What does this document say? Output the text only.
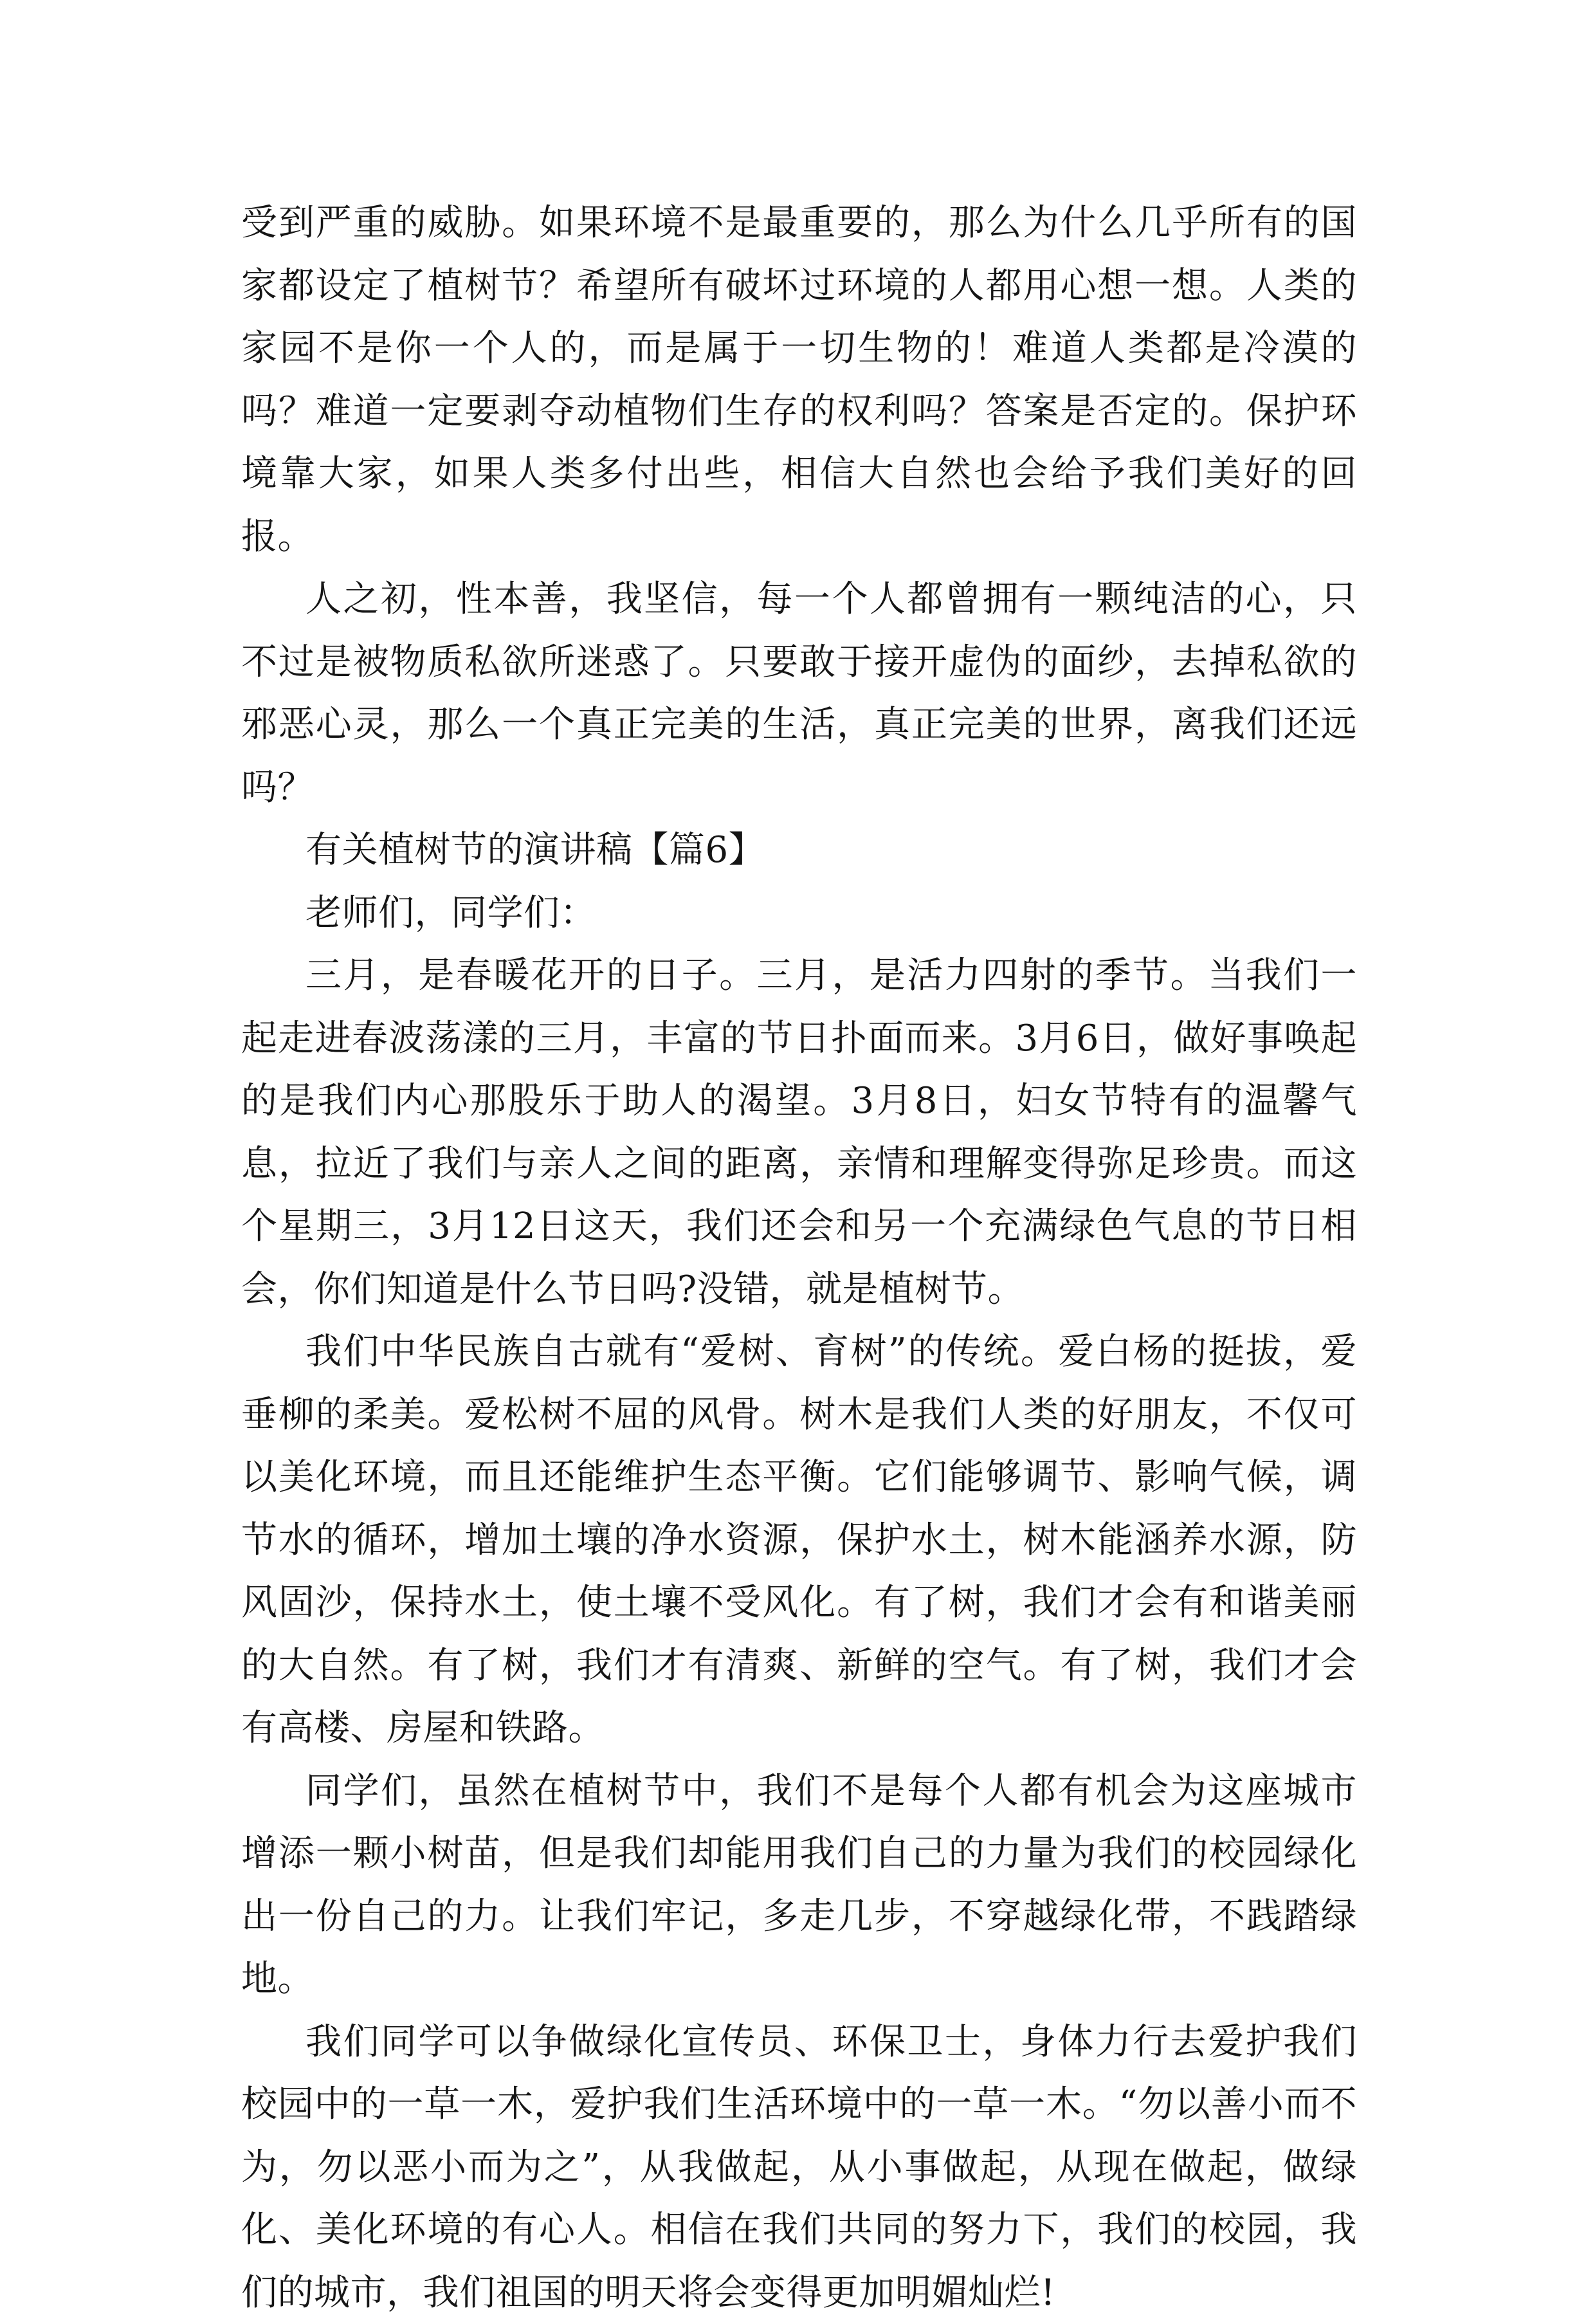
受到严重的威胁。如果环境不是最重要的，那么为什么几乎所有的国家都设定了植树节？希望所有破坏过环境的人都用心想一想。人类的家园不是你一个人的，而是属于一切生物的！难道人类都是冷漠的吗？难道一定要剥夺动植物们生存的权利吗？答案是否定的。保护环境靠大家，如果人类多付出些，相信大自然也会给予我们美好的回报。

人之初，性本善，我坚信，每一个人都曾拥有一颗纯洁的心，只不过是被物质私欲所迷惑了。只要敢于接开虚伪的面纱，去掉私欲的邪恶心灵，那么一个真正完美的生活，真正完美的世界，离我们还远吗？

有关植树节的演讲稿【篇6】

老师们，同学们：

三月，是春暖花开的日子。三月，是活力四射的季节。当我们一起走进春波荡漾的三月，丰富的节日扑面而来。3月6日，做好事唤起的是我们内心那股乐于助人的渴望。3月8日，妇女节特有的温馨气息，拉近了我们与亲人之间的距离，亲情和理解变得弥足珍贵。而这个星期三，3月12日这天，我们还会和另一个充满绿色气息的节日相会，你们知道是什么节日吗?没错，就是植树节。

我们中华民族自古就有“爱树、育树”的传统。爱白杨的挺拔，爱垂柳的柔美。爱松树不屈的风骨。树木是我们人类的好朋友，不仅可以美化环境，而且还能维护生态平衡。它们能够调节、影响气候，调节水的循环，增加土壤的净水资源，保护水土，树木能涵养水源，防风固沙，保持水土，使土壤不受风化。有了树，我们才会有和谐美丽的大自然。有了树，我们才有清爽、新鲜的空气。有了树，我们才会有高楼、房屋和铁路。

同学们，虽然在植树节中，我们不是每个人都有机会为这座城市增添一颗小树苗，但是我们却能用我们自己的力量为我们的校园绿化出一份自己的力。让我们牢记，多走几步，不穿越绿化带，不践踏绿地。

我们同学可以争做绿化宣传员、环保卫士，身体力行去爱护我们校园中的一草一木，爱护我们生活环境中的一草一木。“勿以善小而不为，勿以恶小而为之”，从我做起，从小事做起，从现在做起，做绿化、美化环境的有心人。相信在我们共同的努力下，我们的校园，我们的城市，我们祖国的明天将会变得更加明媚灿烂!
